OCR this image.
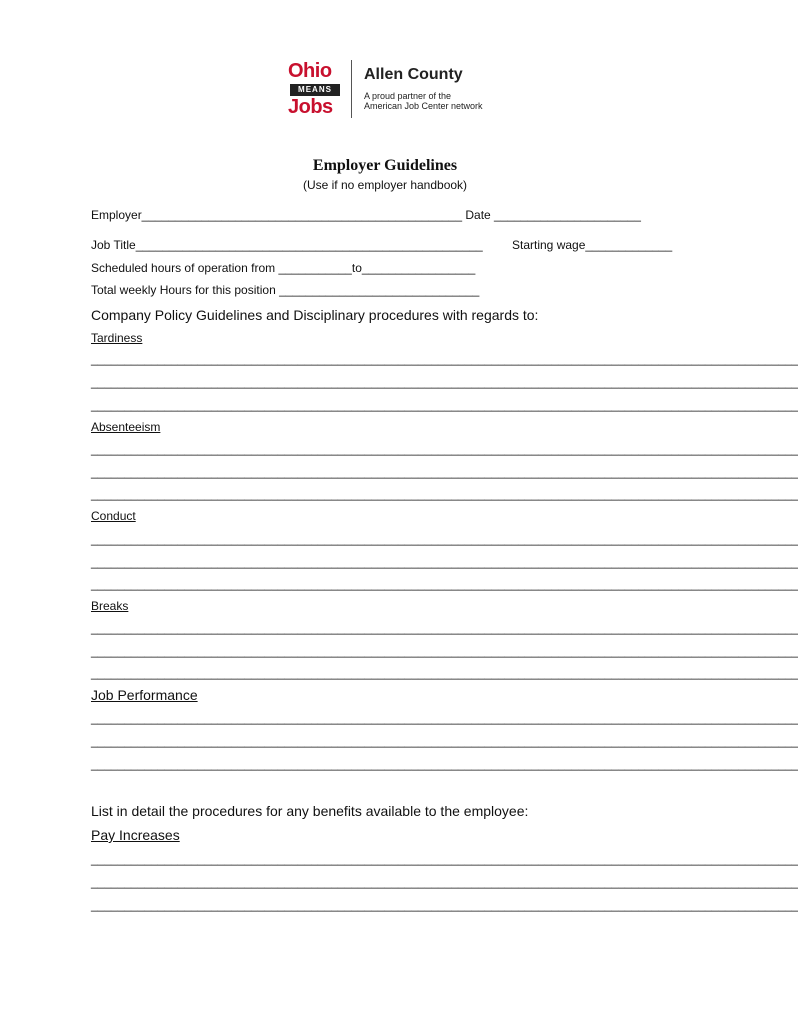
Ohio
MEANS
Jobs
Allen County
A proud partner of the
American Job Center network
Employer Guidelines
(Use if no employer handbook)
Employer________________________________________________ Date ______________________
Job Title____________________________________________________ Starting wage_____________
Scheduled hours of operation from ___________to_________________
Total weekly Hours for this position ______________________________
Company Policy Guidelines and Disciplinary procedures with regards to:
Tardiness
__________________________________________________________________________________________________________
__________________________________________________________________________________________________________
__________________________________________________________________________________________________________
Absenteeism
__________________________________________________________________________________________________________
__________________________________________________________________________________________________________
__________________________________________________________________________________________________________
Conduct
__________________________________________________________________________________________________________
__________________________________________________________________________________________________________
__________________________________________________________________________________________________________
Breaks
__________________________________________________________________________________________________________
__________________________________________________________________________________________________________
__________________________________________________________________________________________________________
Job Performance
__________________________________________________________________________________________________________
__________________________________________________________________________________________________________
__________________________________________________________________________________________________________
List in detail the procedures for any benefits available to the employee:
Pay Increases
__________________________________________________________________________________________________________
__________________________________________________________________________________________________________
__________________________________________________________________________________________________________
